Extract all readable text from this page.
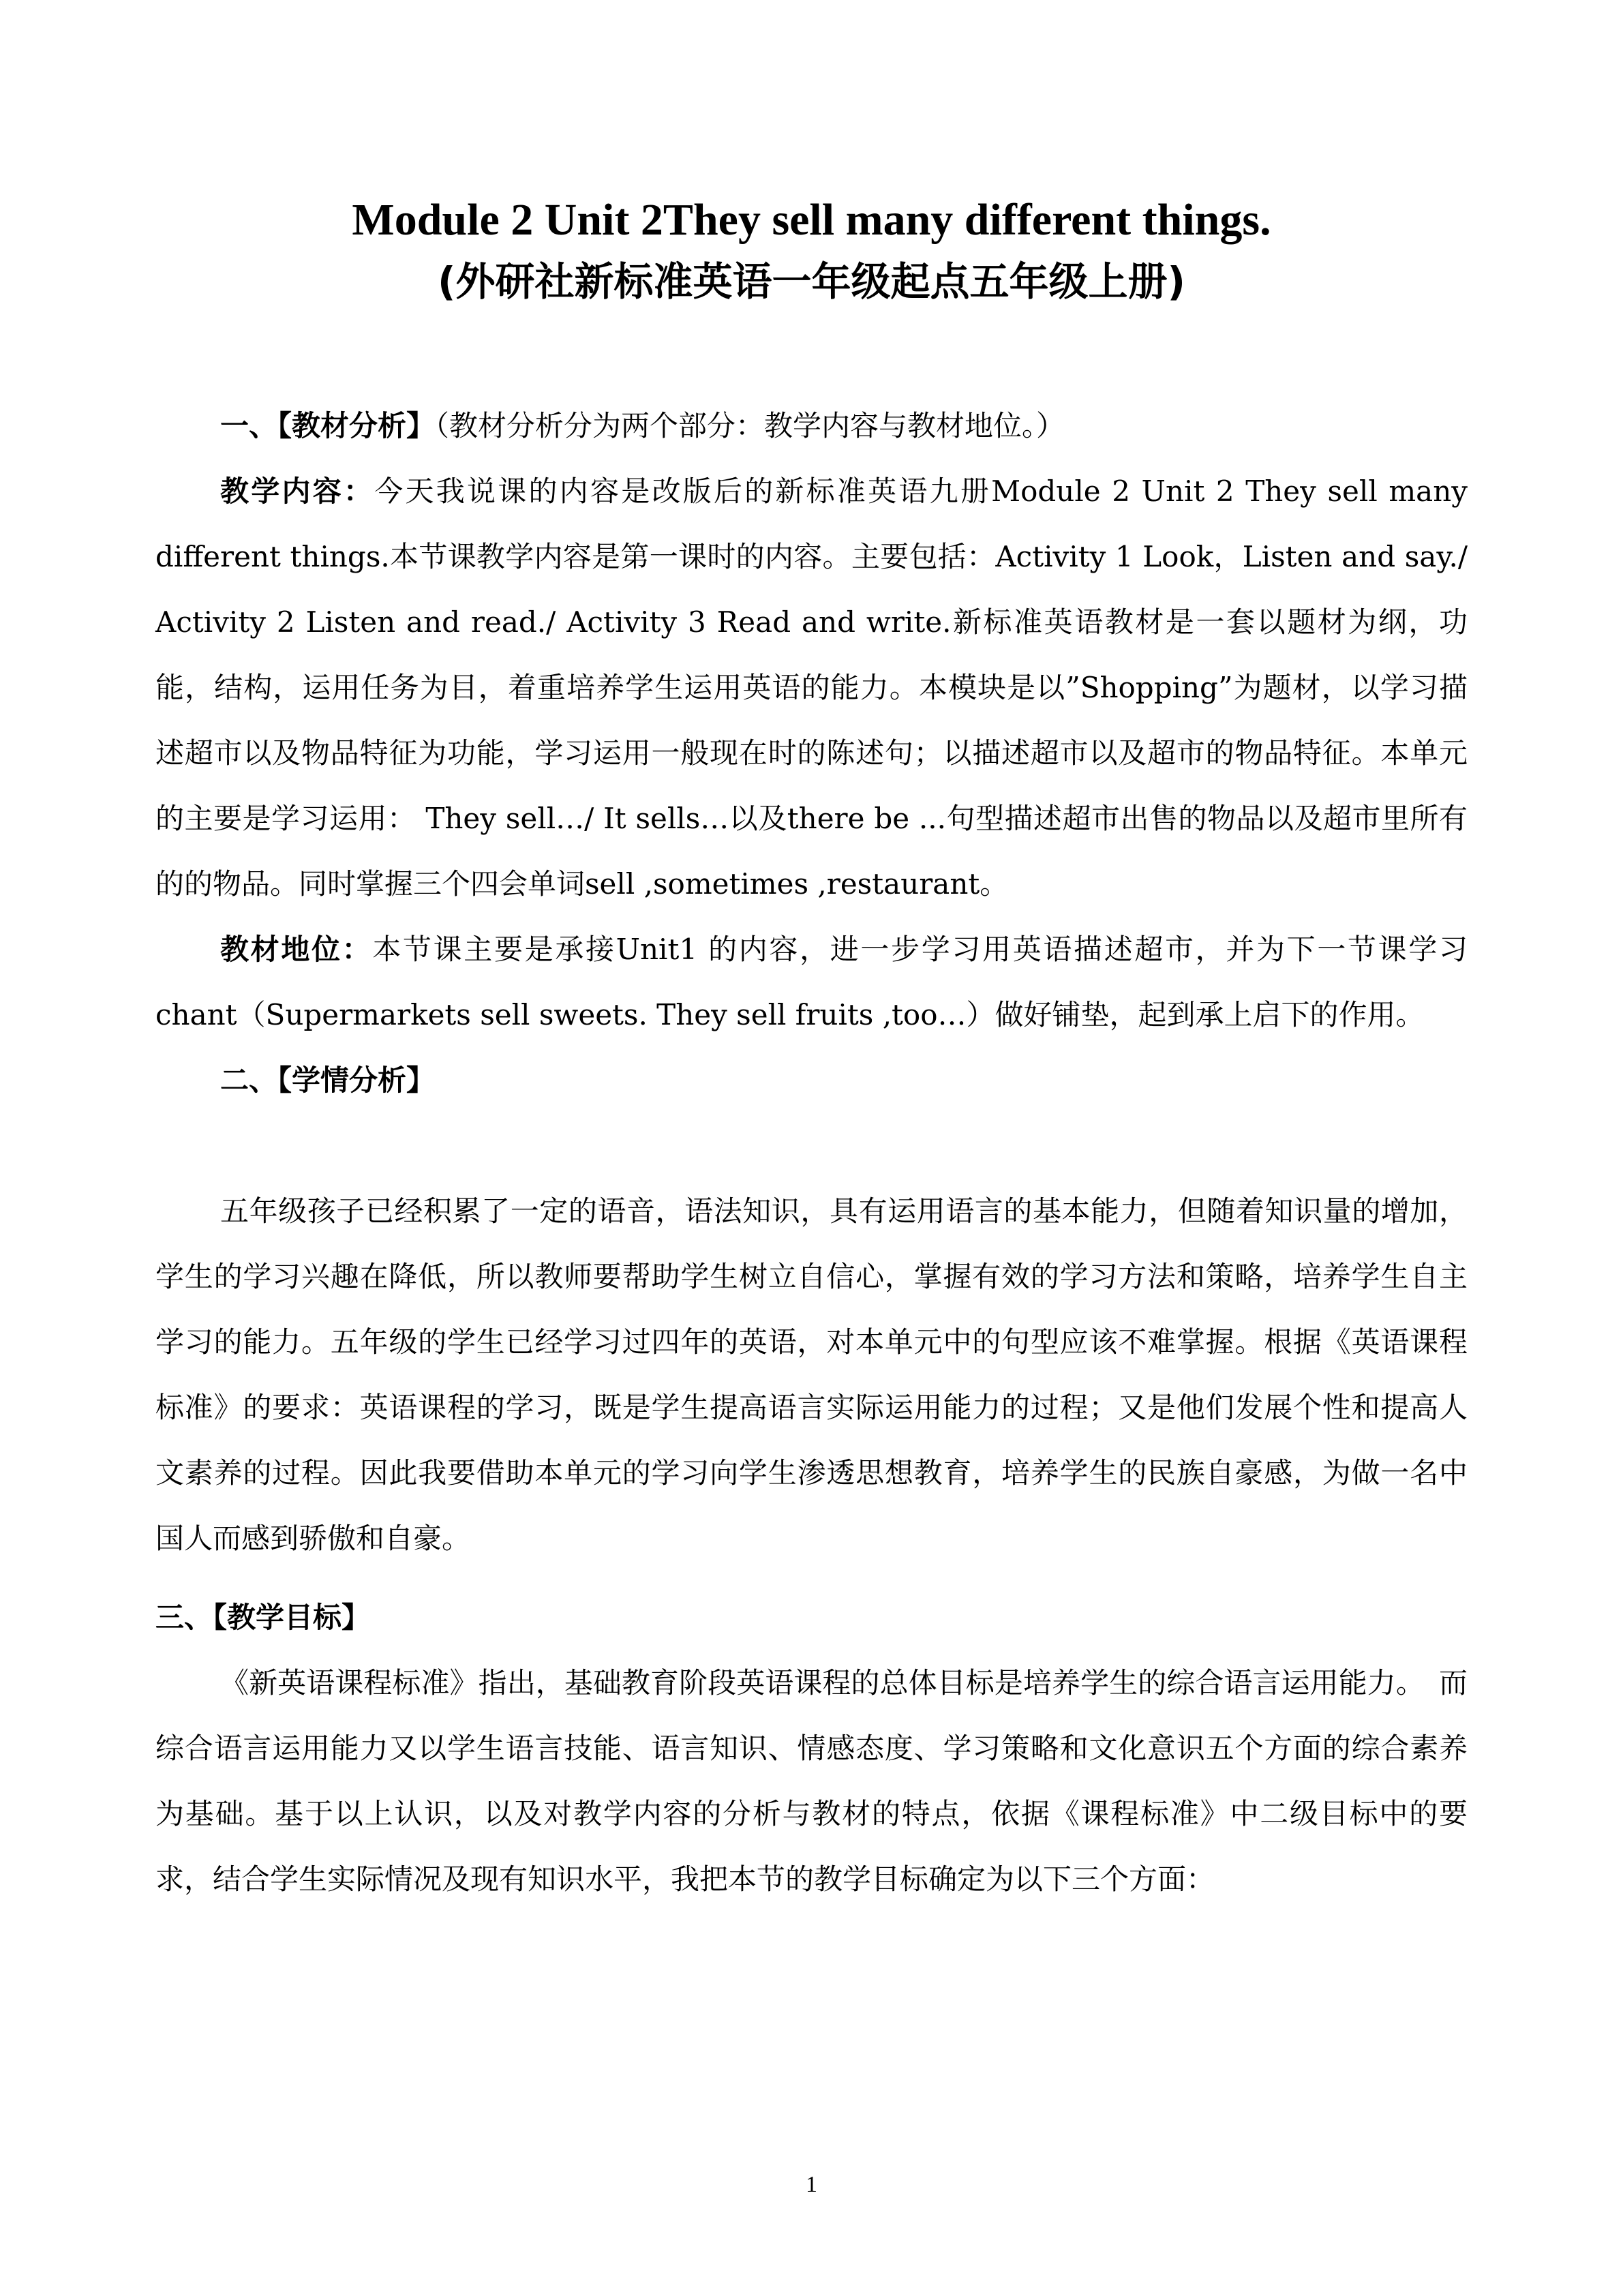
Module 2 Unit 2They sell many different things.
(外研社新标准英语一年级起点五年级上册)

一、【教材分析】（教材分析分为两个部分：教学内容与教材地位。）

教学内容：今天我说课的内容是改版后的新标准英语九册Module 2 Unit 2 They sell many different things.本节课教学内容是第一课时的内容。主要包括：Activity 1 Look，Listen and say./ Activity 2 Listen and read./ Activity 3 Read and write.新标准英语教材是一套以题材为纲，功能，结构，运用任务为目，着重培养学生运用英语的能力。本模块是以”Shopping”为题材，以学习描述超市以及物品特征为功能，学习运用一般现在时的陈述句；以描述超市以及超市的物品特征。本单元的主要是学习运用： They sell…/ It sells…以及there be ...句型描述超市出售的物品以及超市里所有的的物品。同时掌握三个四会单词sell ,sometimes ,restaurant。

教材地位：本节课主要是承接Unit1 的内容，进一步学习用英语描述超市，并为下一节课学习chant（Supermarkets sell sweets. They sell fruits ,too…）做好铺垫，起到承上启下的作用。

二、【学情分析】

五年级孩子已经积累了一定的语音，语法知识，具有运用语言的基本能力，但随着知识量的增加，学生的学习兴趣在降低，所以教师要帮助学生树立自信心，掌握有效的学习方法和策略，培养学生自主学习的能力。五年级的学生已经学习过四年的英语，对本单元中的句型应该不难掌握。根据《英语课程标准》的要求：英语课程的学习，既是学生提高语言实际运用能力的过程；又是他们发展个性和提高人文素养的过程。因此我要借助本单元的学习向学生渗透思想教育，培养学生的民族自豪感，为做一名中国人而感到骄傲和自豪。

三、【教学目标】

《新英语课程标准》指出，基础教育阶段英语课程的总体目标是培养学生的综合语言运用能力。　而综合语言运用能力又以学生语言技能、语言知识、情感态度、学习策略和文化意识五个方面的综合素养为基础。基于以上认识，以及对教学内容的分析与教材的特点，依据《课程标准》中二级目标中的要求，结合学生实际情况及现有知识水平，我把本节的教学目标确定为以下三个方面：

1
